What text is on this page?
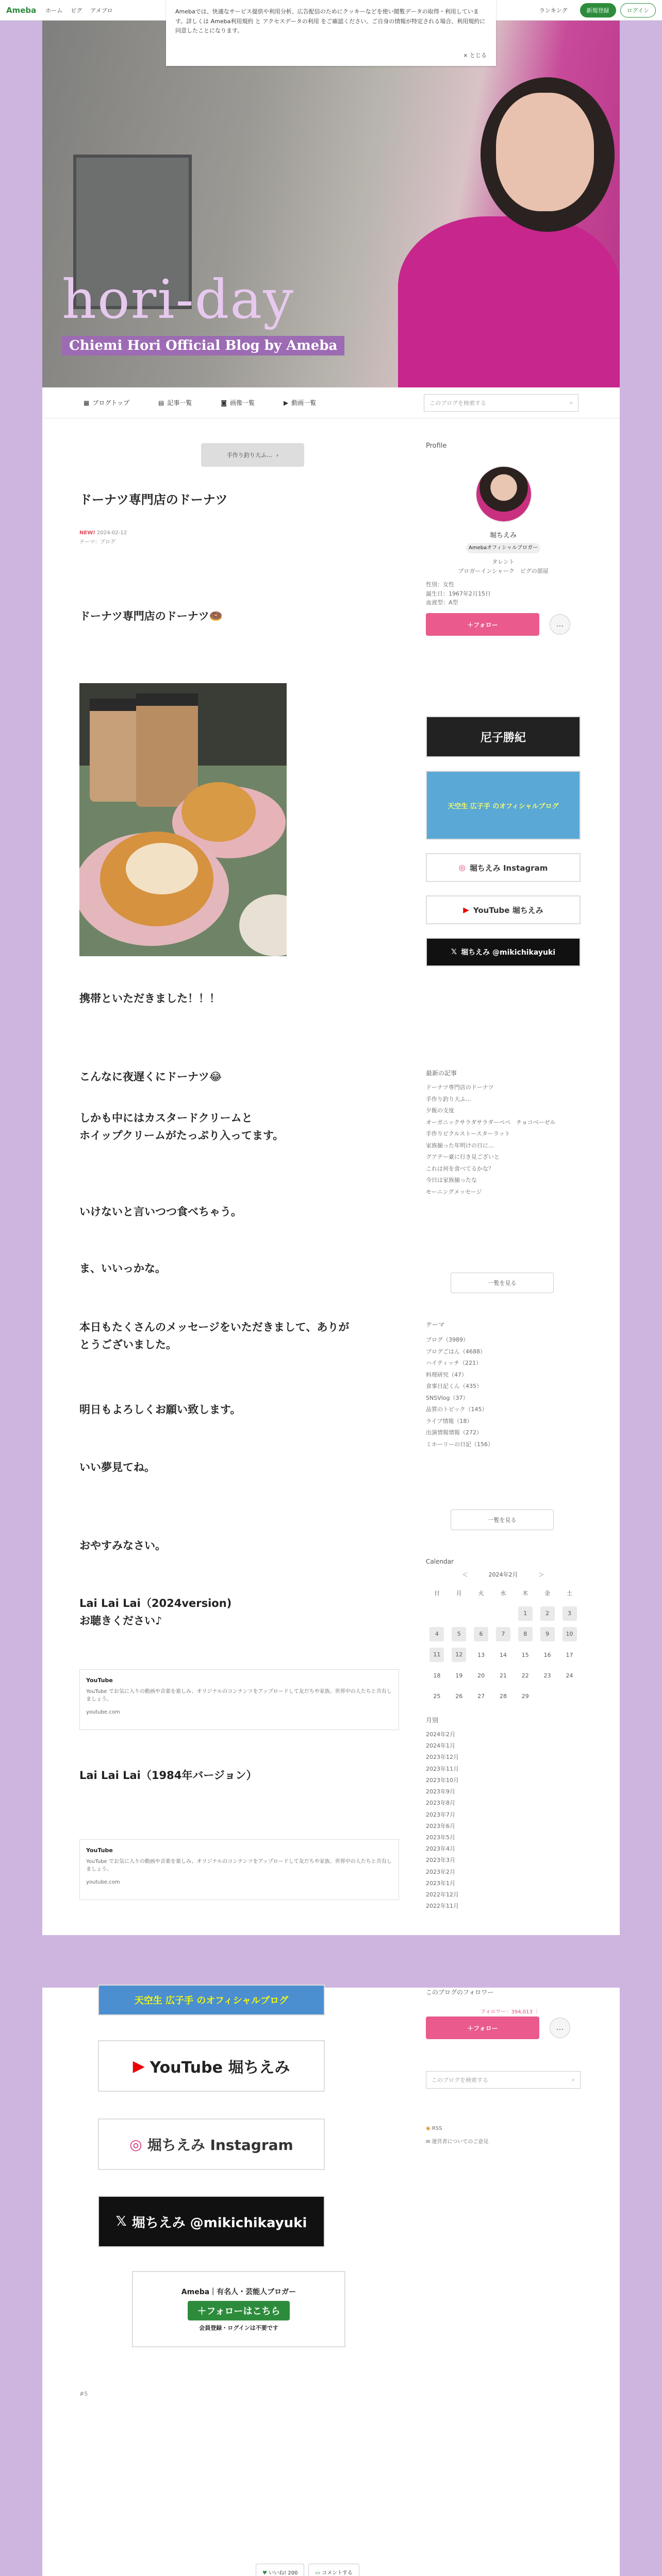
Ameba ホーム ピグ アメブロ	ランキング	新規登録	ログイン
Amebaでは、快適なサービス提供や利用分析、広告配信のためにクッキーなどを使い閲覧データの取得・利用しています。詳しくは Ameba利用規約 と アクセスデータの利用 をご確認ください。ご自身の情報が特定される場合、利用規約に同意したことになります。
× とじる
hori-day
Chiemi Hori Official Blog by Ameba
▦ ブログトップ	▤ 記事一覧	◙ 画像一覧	▶ 動画一覧	このブログを検索する	⌕
手作り釣り大ふ… ›
ドーナツ専門店のドーナツ
NEW! 2024-02-12
テーマ：ブログ
ドーナツ専門店のドーナツ🍩
携帯といただきました！！！
こんなに夜遅くにドーナツ😂
しかも中にはカスタードクリームと
ホイップクリームがたっぷり入ってます。
いけないと言いつつ食べちゃう。
ま、いいっかな。
本日もたくさんのメッセージをいただきまして、ありが
とうございました。
明日もよろしくお願い致します。
いい夢見てね。
おやすみなさい。
Lai Lai Lai（2024version)
お聴きください♪
YouTube
YouTube でお気に入りの動画や音楽を楽しみ、オリジナルのコンテンツをアップロードして友だちや家族、世界中の人たちと共有しましょう。
youtube.com
Lai Lai Lai（1984年バージョン）
YouTube
YouTube でお気に入りの動画や音楽を楽しみ、オリジナルのコンテンツをアップロードして友だちや家族、世界中の人たちと共有しましょう。
youtube.com
Profile
堀ちえみ
Amebaオフィシャルブロガー
タレント
ブロガーインシャーク　ピグの部屋
性別：女性
誕生日：1967年2月15日
血液型：A型
＋フォロー	…
尼子勝紀
天空生 広子手 のオフィシャルブログ
◎ 堀ちえみ Instagram
▶ YouTube 堀ちえみ
𝕏 堀ちえみ @mikichikayuki
最新の記事
ドーナツ専門店のドーナツ
手作り釣り大ふ…
夕飯の支度
オーガニックサラダサラダーペペ　チョコベーゼル
手作りピクルストースターラット
家族揃った年明けの日に…
グアテー豪に行き見ございと
これは何を食べてるかな？
今日は家族揃ったな
モーニングメッセージ
一覧を見る
テーマ
ブログ（3989）
ブログごはん（4688）
ハイティッチ（221）
料理研究（47）
食事日記くん（435）
SNSVlog（37）
品質のトピック（145）
ライブ情報（18）
出演情報情報（272）
ミホーリーの日記（156）
一覧を見る
Calendar
＜	2024年2月	＞
日	月	火	水	木	金	土
				1	2	3
4	5	6	7	8	9	10
11	12	13	14	15	16	17
18	19	20	21	22	23	24
25	26	27	28	29		
月別
2024年2月
2024年1月
2023年12月
2023年11月
2023年10月
2023年9月
2023年8月
2023年7月
2023年6月
2023年5月
2023年4月
2023年3月
2023年2月
2023年1月
2022年12月
2022年11月
天空生 広子手 のオフィシャルブログ
▶ YouTube 堀ちえみ
◎ 堀ちえみ Instagram
𝕏 堀ちえみ @mikichikayuki
Ameba｜有名人・芸能人ブロガー
＋フォローはこちら
会員登録・ログインは不要です
#5
♥ いいね! 200	▭ コメントする
このブログのフォロワー
フォロワー：394,013 ｜
＋フォロー	…
このブログを検索する	⌕
◉ RSS
✉ 運営者についてのご意見
